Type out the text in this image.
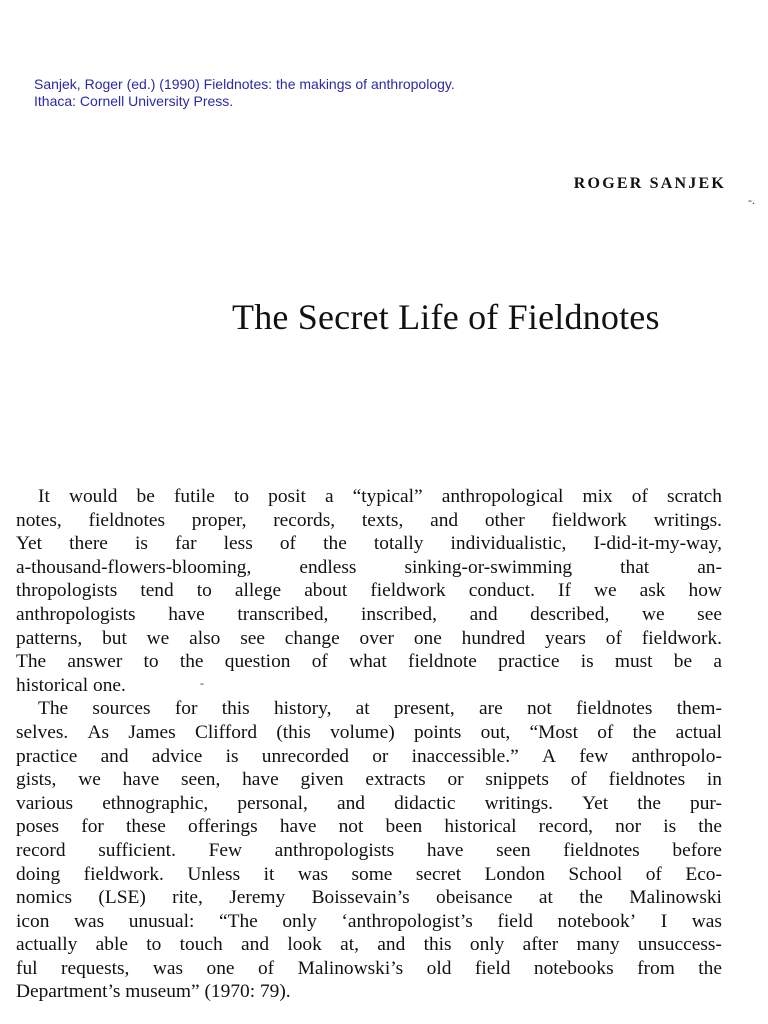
Sanjek, Roger (ed.) (1990) Fieldnotes: the makings of anthropology.
Ithaca: Cornell University Press.
ROGER SANJEK
-.
The Secret Life of Fieldnotes
It would be futile to posit a “typical” anthropological mix of scratch
notes, fieldnotes proper, records, texts, and other fieldwork writings.
Yet there is far less of the totally individualistic, I-did-it-my-way,
a-thousand-flowers-blooming, endless sinking-or-swimming that an-
thropologists tend to allege about fieldwork conduct. If we ask how
anthropologists have transcribed, inscribed, and described, we see
patterns, but we also see change over one hundred years of fieldwork.
The answer to the question of what fieldnote practice is must be a
historical one.
The sources for this history, at present, are not fieldnotes them-
selves. As James Clifford (this volume) points out, “Most of the actual
practice and advice is unrecorded or inaccessible.” A few anthropolo-
gists, we have seen, have given extracts or snippets of fieldnotes in
various ethnographic, personal, and didactic writings. Yet the pur-
poses for these offerings have not been historical record, nor is the
record sufficient. Few anthropologists have seen fieldnotes before
doing fieldwork. Unless it was some secret London School of Eco-
nomics (LSE) rite, Jeremy Boissevain’s obeisance at the Malinowski
icon was unusual: “The only ‘anthropologist’s field notebook’ I was
actually able to touch and look at, and this only after many unsuccess-
ful requests, was one of Malinowski’s old field notebooks from the
Department’s museum” (1970: 79).
-
